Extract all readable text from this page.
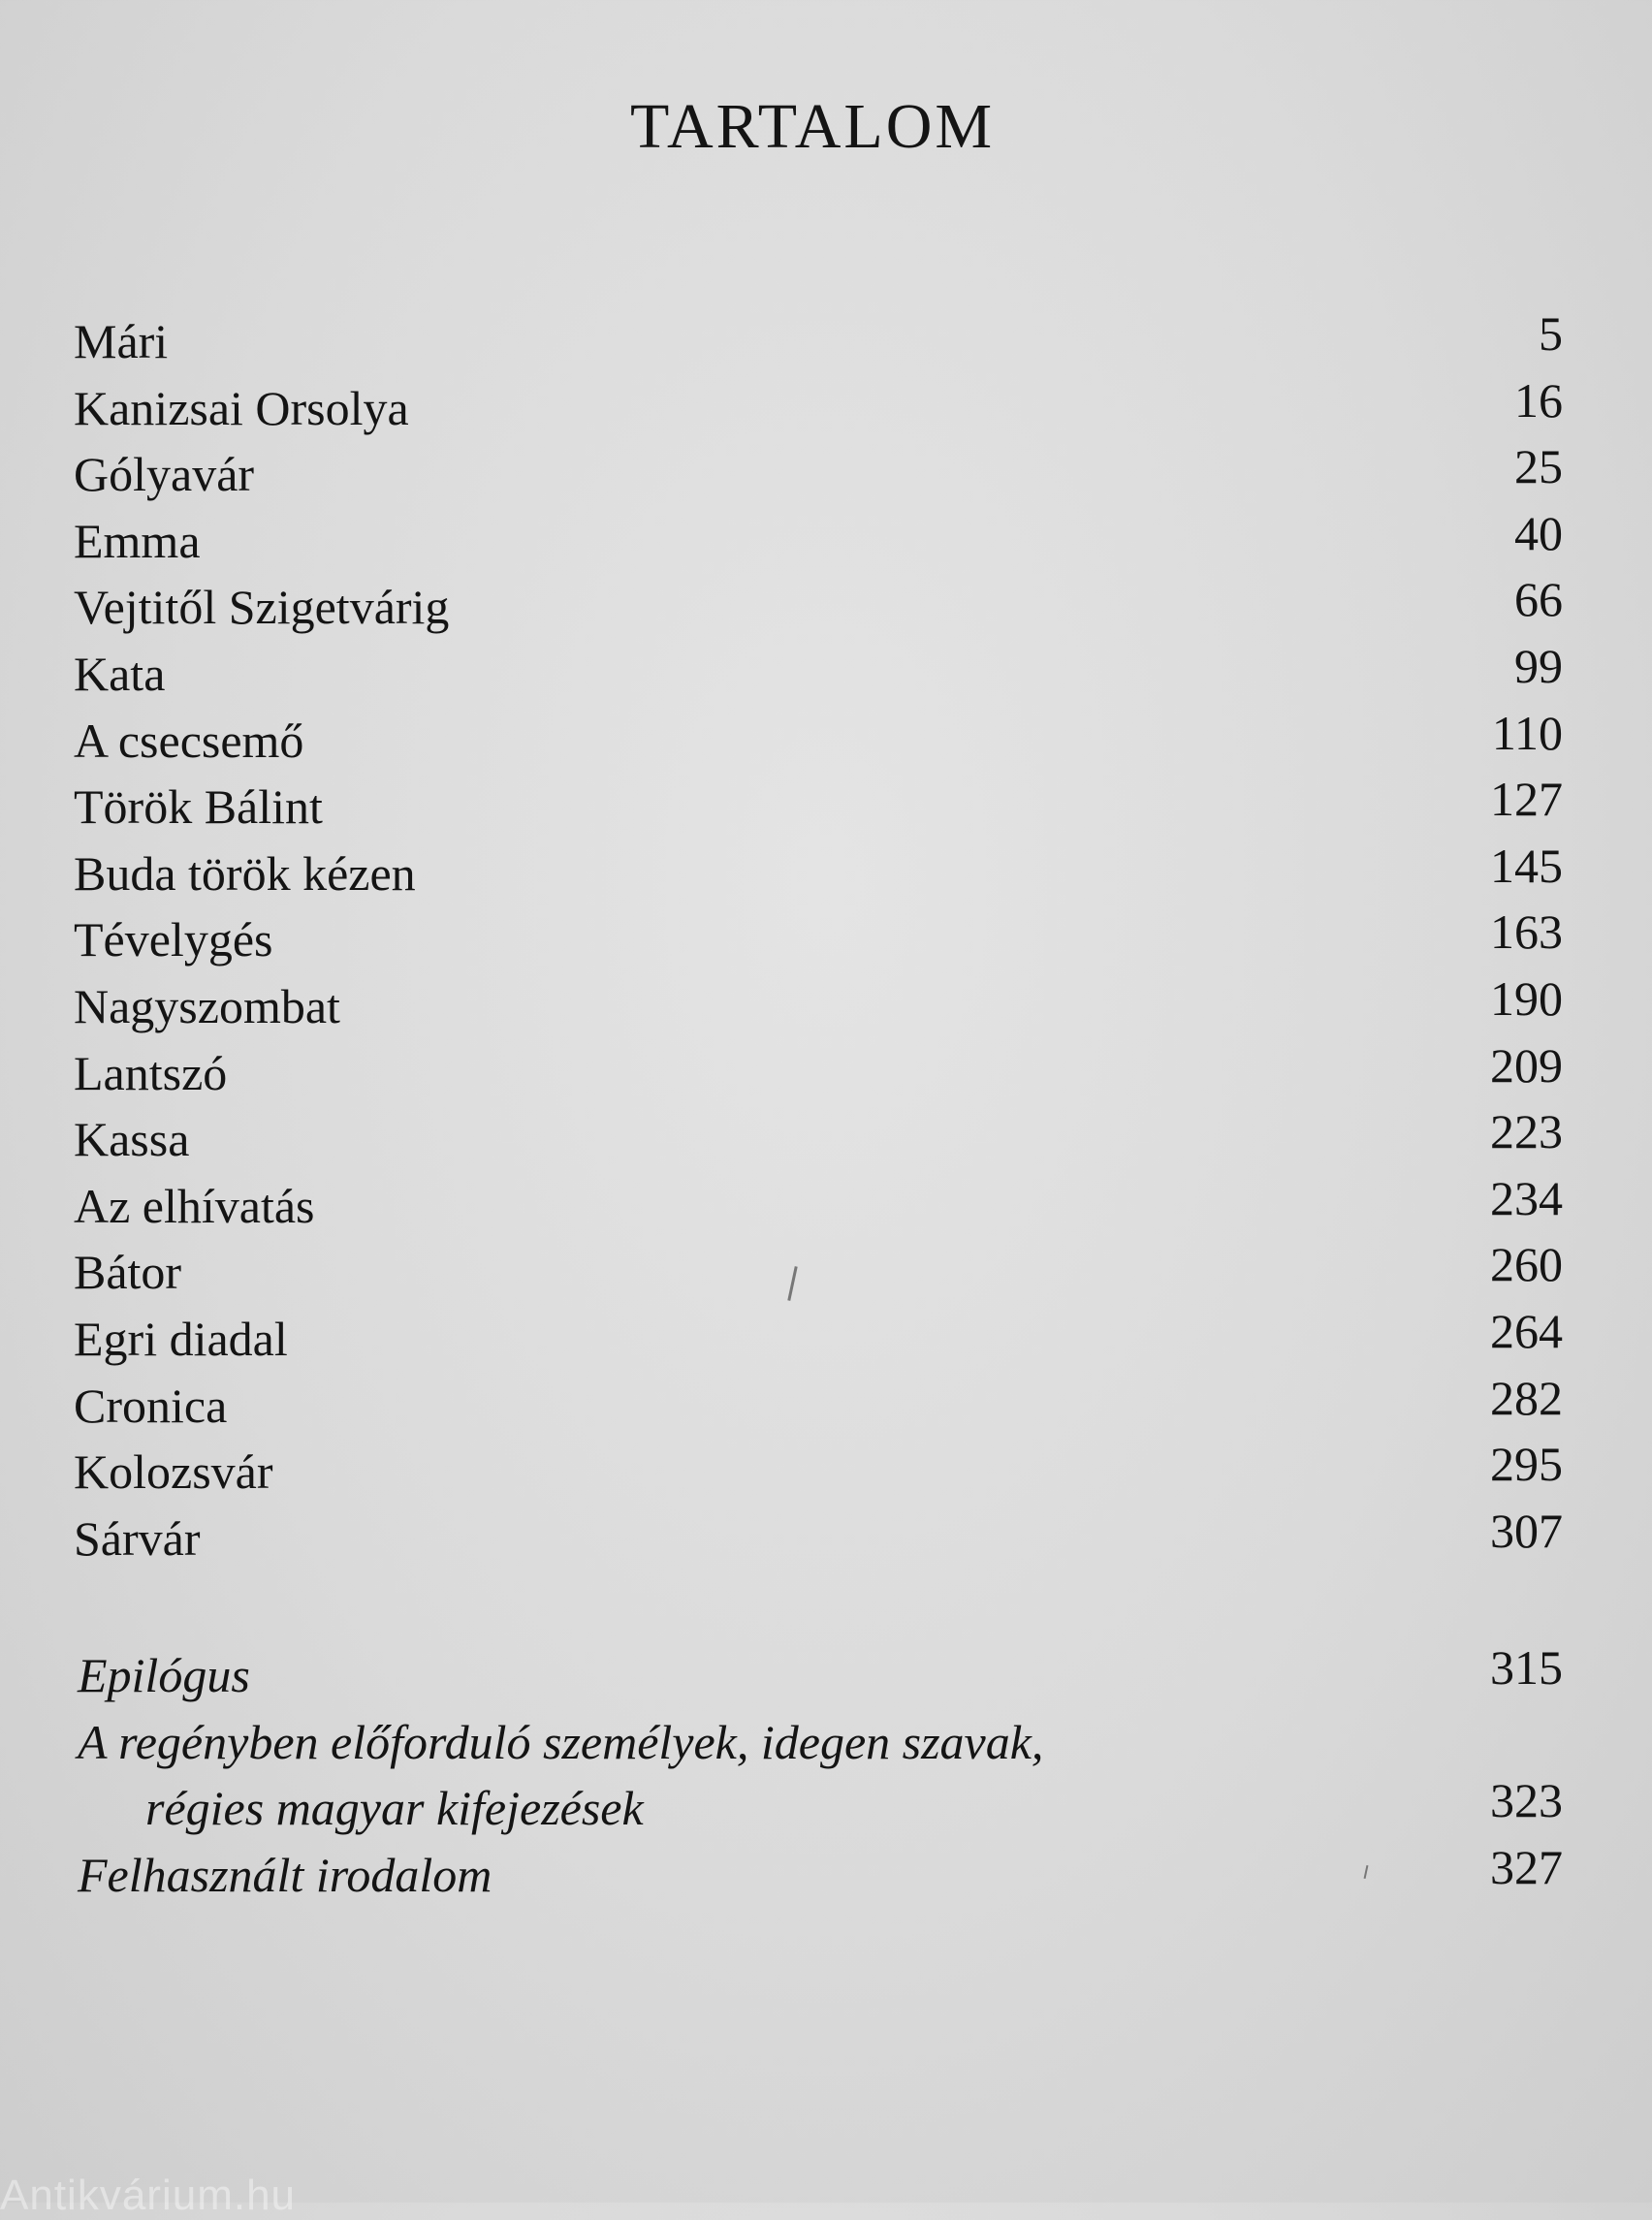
TARTALOM
Mári	5
Kanizsai Orsolya	16
Gólyavár	25
Emma	40
Vejtitől Szigetvárig	66
Kata	99
A csecsemő	110
Török Bálint	127
Buda török kézen	145
Tévelygés	163
Nagyszombat	190
Lantszó	209
Kassa	223
Az elhívatás	234
Bátor	260
Egri diadal	264
Cronica	282
Kolozsvár	295
Sárvár	307
Epilógus	315
A regényben előforduló személyek, idegen szavak,
régies magyar kifejezések	323
Felhasznált irodalom	327
Antikvárium.hu
